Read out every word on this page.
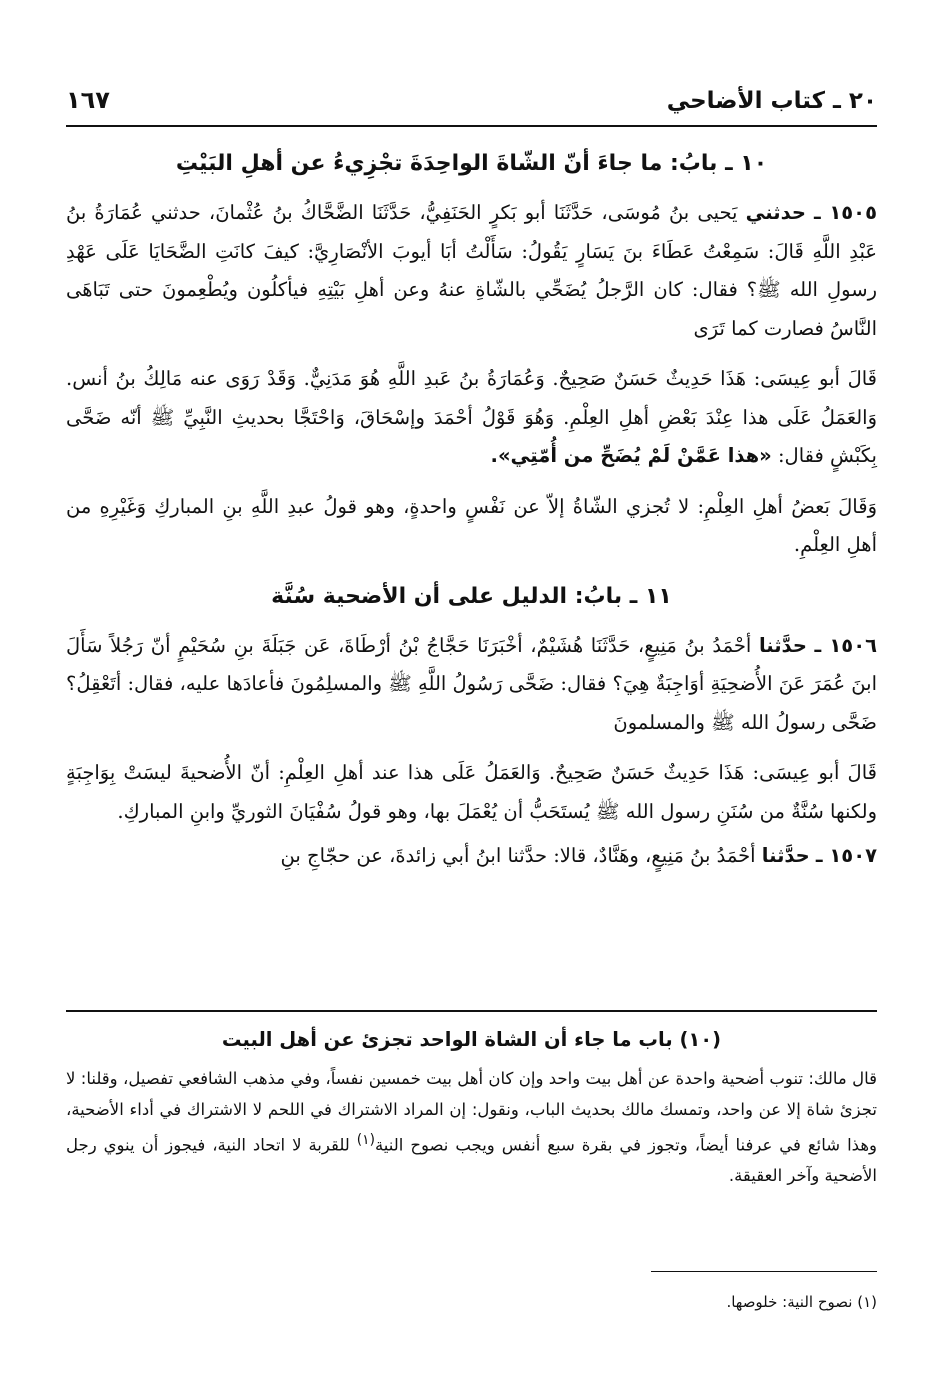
٢٠ ـ كتاب الأضاحي
١٦٧
١٠ ـ بابُ: ما جاءَ أنّ الشّاةَ الواحِدَةَ تجْزِيءُ عن أهلِ البَيْتِ

١٥٠٥ ـ حدثني يَحيى بنُ مُوسَى، حَدَّثَنَا أبو بَكرٍ الحَنَفِيُّ، حَدَّثَنَا الضَّحَّاكُ بنُ عُثْمانَ، حدثني عُمَارَةُ بنُ عَبْدِ اللَّهِ قَالَ: سَمِعْتُ عَطَاءَ بنَ يَسَارٍ يَقُولُ: سَأَلْتُ أبَا أيوبَ الأنْصَارِيَّ: كيفَ كانَتِ الضَّحَايَا عَلَى عَهْدِ رسولِ الله ﷺ؟ فقال: كان الرَّجلُ يُضَحِّي بالشّاةِ عنهُ وعن أهلِ بَيْتِهِ فيأكلُون ويُطْعِمونَ حتى تَبَاهَى النَّاسُ فصارت كما تَرَى

قَالَ أبو عِيسَى: هَذَا حَدِيثٌ حَسَنٌ صَحِيحٌ. وَعُمَارَةُ بنُ عَبدِ اللَّهِ هُوَ مَدَنِيٌّ. وَقَدْ رَوَى عنه مَالِكُ بنُ أنس. وَالعَمَلُ عَلَى هذا عِنْدَ بَعْضِ أهلِ العِلْمِ. وَهُوَ قَوْلُ أحْمَدَ وإسْحَاقَ، وَاحْتَجَّا بحديثِ النَّبِيِّ ﷺ أنّه ضَحَّى بِكَبْشٍ فقال: «هذا عَمَّنْ لَمْ يُضَحِّ من أُمّتِي».

وَقَالَ بَعضُ أهلِ العِلْمِ: لا تُجزي الشّاةُ إلاّ عن نَفْسٍ واحدةٍ، وهو قولُ عبدِ اللَّهِ بنِ المباركِ وَغَيْرِهِ من أهلِ العِلْمِ.

١١ ـ بابُ: الدليل على أن الأضحية سُنَّة

١٥٠٦ ـ حدَّثنا أحْمَدُ بنُ مَنِيعٍ، حَدَّثَنَا هُشَيْمٌ، أخْبَرَنَا حَجَّاجُ بْنُ أرْطَاةَ، عَن جَبَلَةَ بنِ سُحَيْمٍ أنّ رَجُلاً سَأَلَ ابنَ عُمَرَ عَنَ الأُضحِيَةِ أوَاجِبَةٌ هِيَ؟ فقال: ضَحَّى رَسُولُ اللَّهِ ﷺ والمسلِمُونَ فأعادَها عليه، فقال: أتَعْقِلُ؟ ضَحَّى رسولُ الله ﷺ والمسلمونَ

قَالَ أبو عِيسَى: هَذَا حَدِيثٌ حَسَنٌ صَحِيحٌ. وَالعَمَلُ عَلَى هذا عند أهلِ العِلْمِ: أنّ الأُضحيةَ ليسَتْ بِوَاجِبَةٍ ولكنها سُنَّةٌ من سُنَنِ رسول الله ﷺ يُستَحَبُّ أن يُعْمَلَ بها، وهو قولُ سُفْيَانَ الثوريِّ وابنِ المباركِ.

١٥٠٧ ـ حدَّثنا أحْمَدُ بنُ مَنِيعٍ، وهَنَّادٌ، قالا: حدَّثنا ابنُ أبي زائدةَ، عن حجّاجِ بنِ

(١٠) باب ما جاء أن الشاة الواحد تجزئ عن أهل البيت

قال مالك: تنوب أضحية واحدة عن أهل بيت واحد وإن كان أهل بيت خمسين نفساً، وفي مذهب الشافعي تفصيل، وقلنا: لا تجزئ شاة إلا عن واحد، وتمسك مالك بحديث الباب، ونقول: إن المراد الاشتراك في اللحم لا الاشتراك في أداء الأضحية، وهذا شائع في عرفنا أيضاً، وتجوز في بقرة سبع أنفس ويجب نصوح النية$^{(١)}$ للقربة لا اتحاد النية، فيجوز أن ينوي رجل الأضحية وآخر العقيقة.

(١) نصوح النية: خلوصها.
